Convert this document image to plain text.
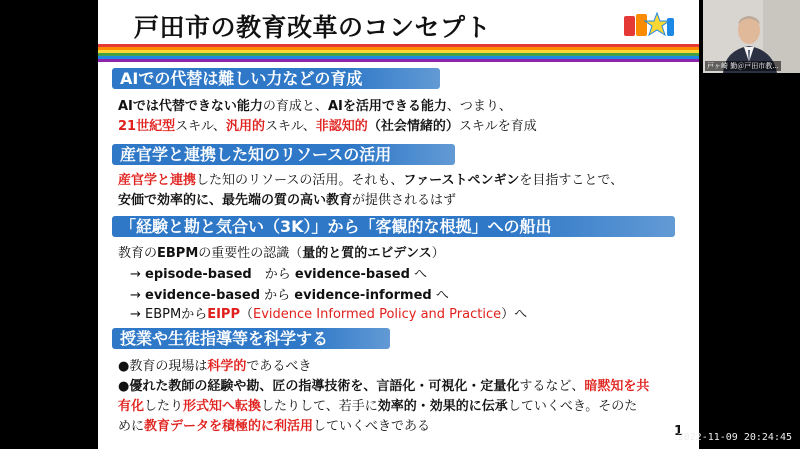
戸田市の教育改革のコンセプト
AIでの代替は難しい力などの育成
AIでは代替できない能力の育成と、AIを活用できる能力、つまり、
21世紀型スキル、汎用的スキル、非認知的（社会情緒的）スキルを育成
産官学と連携した知のリソースの活用
産官学と連携した知のリソースの活用。それも、ファーストペンギンを目指すことで、
安価で効率的に、最先端の質の高い教育が提供されるはず
「経験と勘と気合い（3K）」から「客観的な根拠」への船出
教育のEBPMの重要性の認識（量的と質的エビデンス）
→ episode-based　から evidence-based へ
→ evidence-based から evidence-informed へ
→ EBPMからEIPP（Evidence Informed Policy and Practice）へ
授業や生徒指導等を科学する
●教育の現場は科学的であるべき
●優れた教師の経験や勘、匠の指導技術を、言語化・可視化・定量化するなど、暗黙知を共
有化したり形式知へ転換したりして、若手に効率的・効果的に伝承していくべき。そのた
めに教育データを積極的に利活用していくべきである	1
戸ヶ崎 勤＠戸田市教...
2022-11-09 20:24:45
